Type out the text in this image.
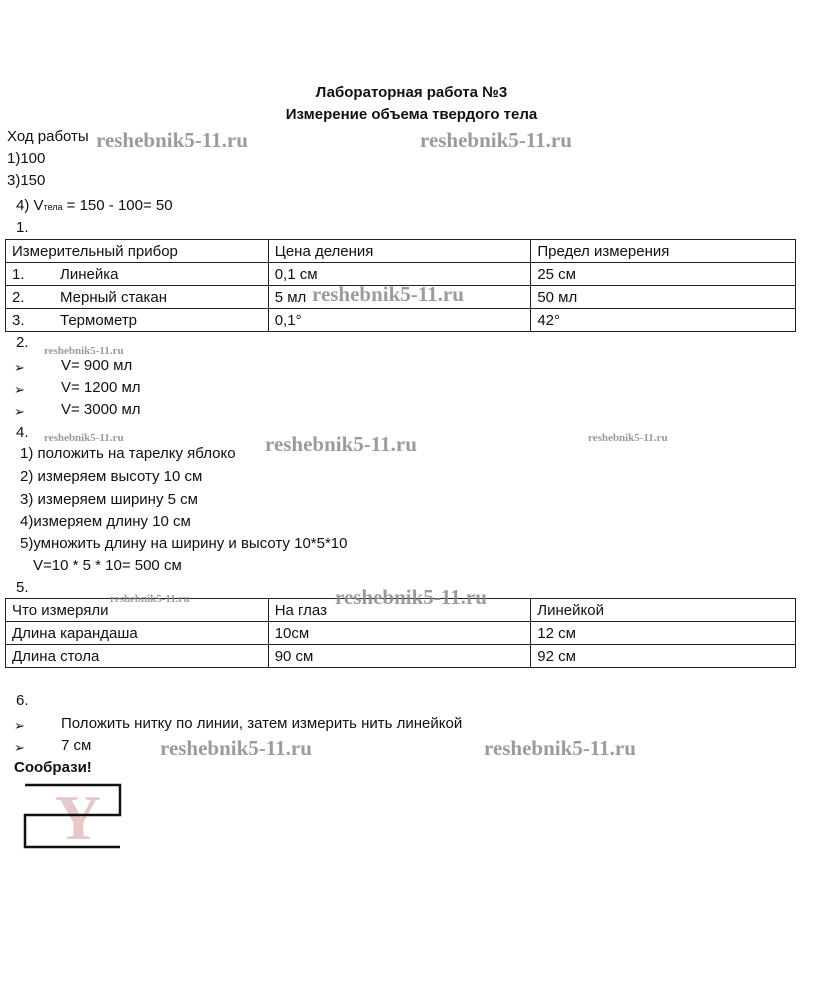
Лабораторная работа №3
Измерение объема твердого тела
Ход работы
1)100
3)150
4) Vтела = 150 - 100= 50
1.
Измерительный прибор	Цена деления	Предел измерения
1. Линейка	0,1 см	25 см
2. Мерный стакан	5 мл	50 мл
3. Термометр	0,1°	42°
2.
➢ V= 900 мл
➢ V= 1200 мл
➢ V= 3000 мл
4.
1) положить на тарелку яблоко
2) измеряем высоту 10 см
3) измеряем ширину 5 см
4)измеряем длину 10 см
5)умножить длину на ширину и высоту 10*5*10
V=10 * 5 * 10= 500 см
5.
Что измеряли	На глаз	Линейкой
Длина карандаша	10см	12 см
Длина стола	90 см	92 см
6.
➢ Положить нитку по линии, затем измерить нить линейкой
➢ 7 см
Сообрази!
Y
reshebnik5-11.ru	reshebnik5-11.ru
reshebnik5-11.ru
reshebnik5-11.ru
reshebnik5-11.ru	reshebnik5-11.ru	reshebnik5-11.ru
reshebnik5-11.ru	reshebnik5-11.ru
reshebnik5-11.ru	reshebnik5-11.ru
